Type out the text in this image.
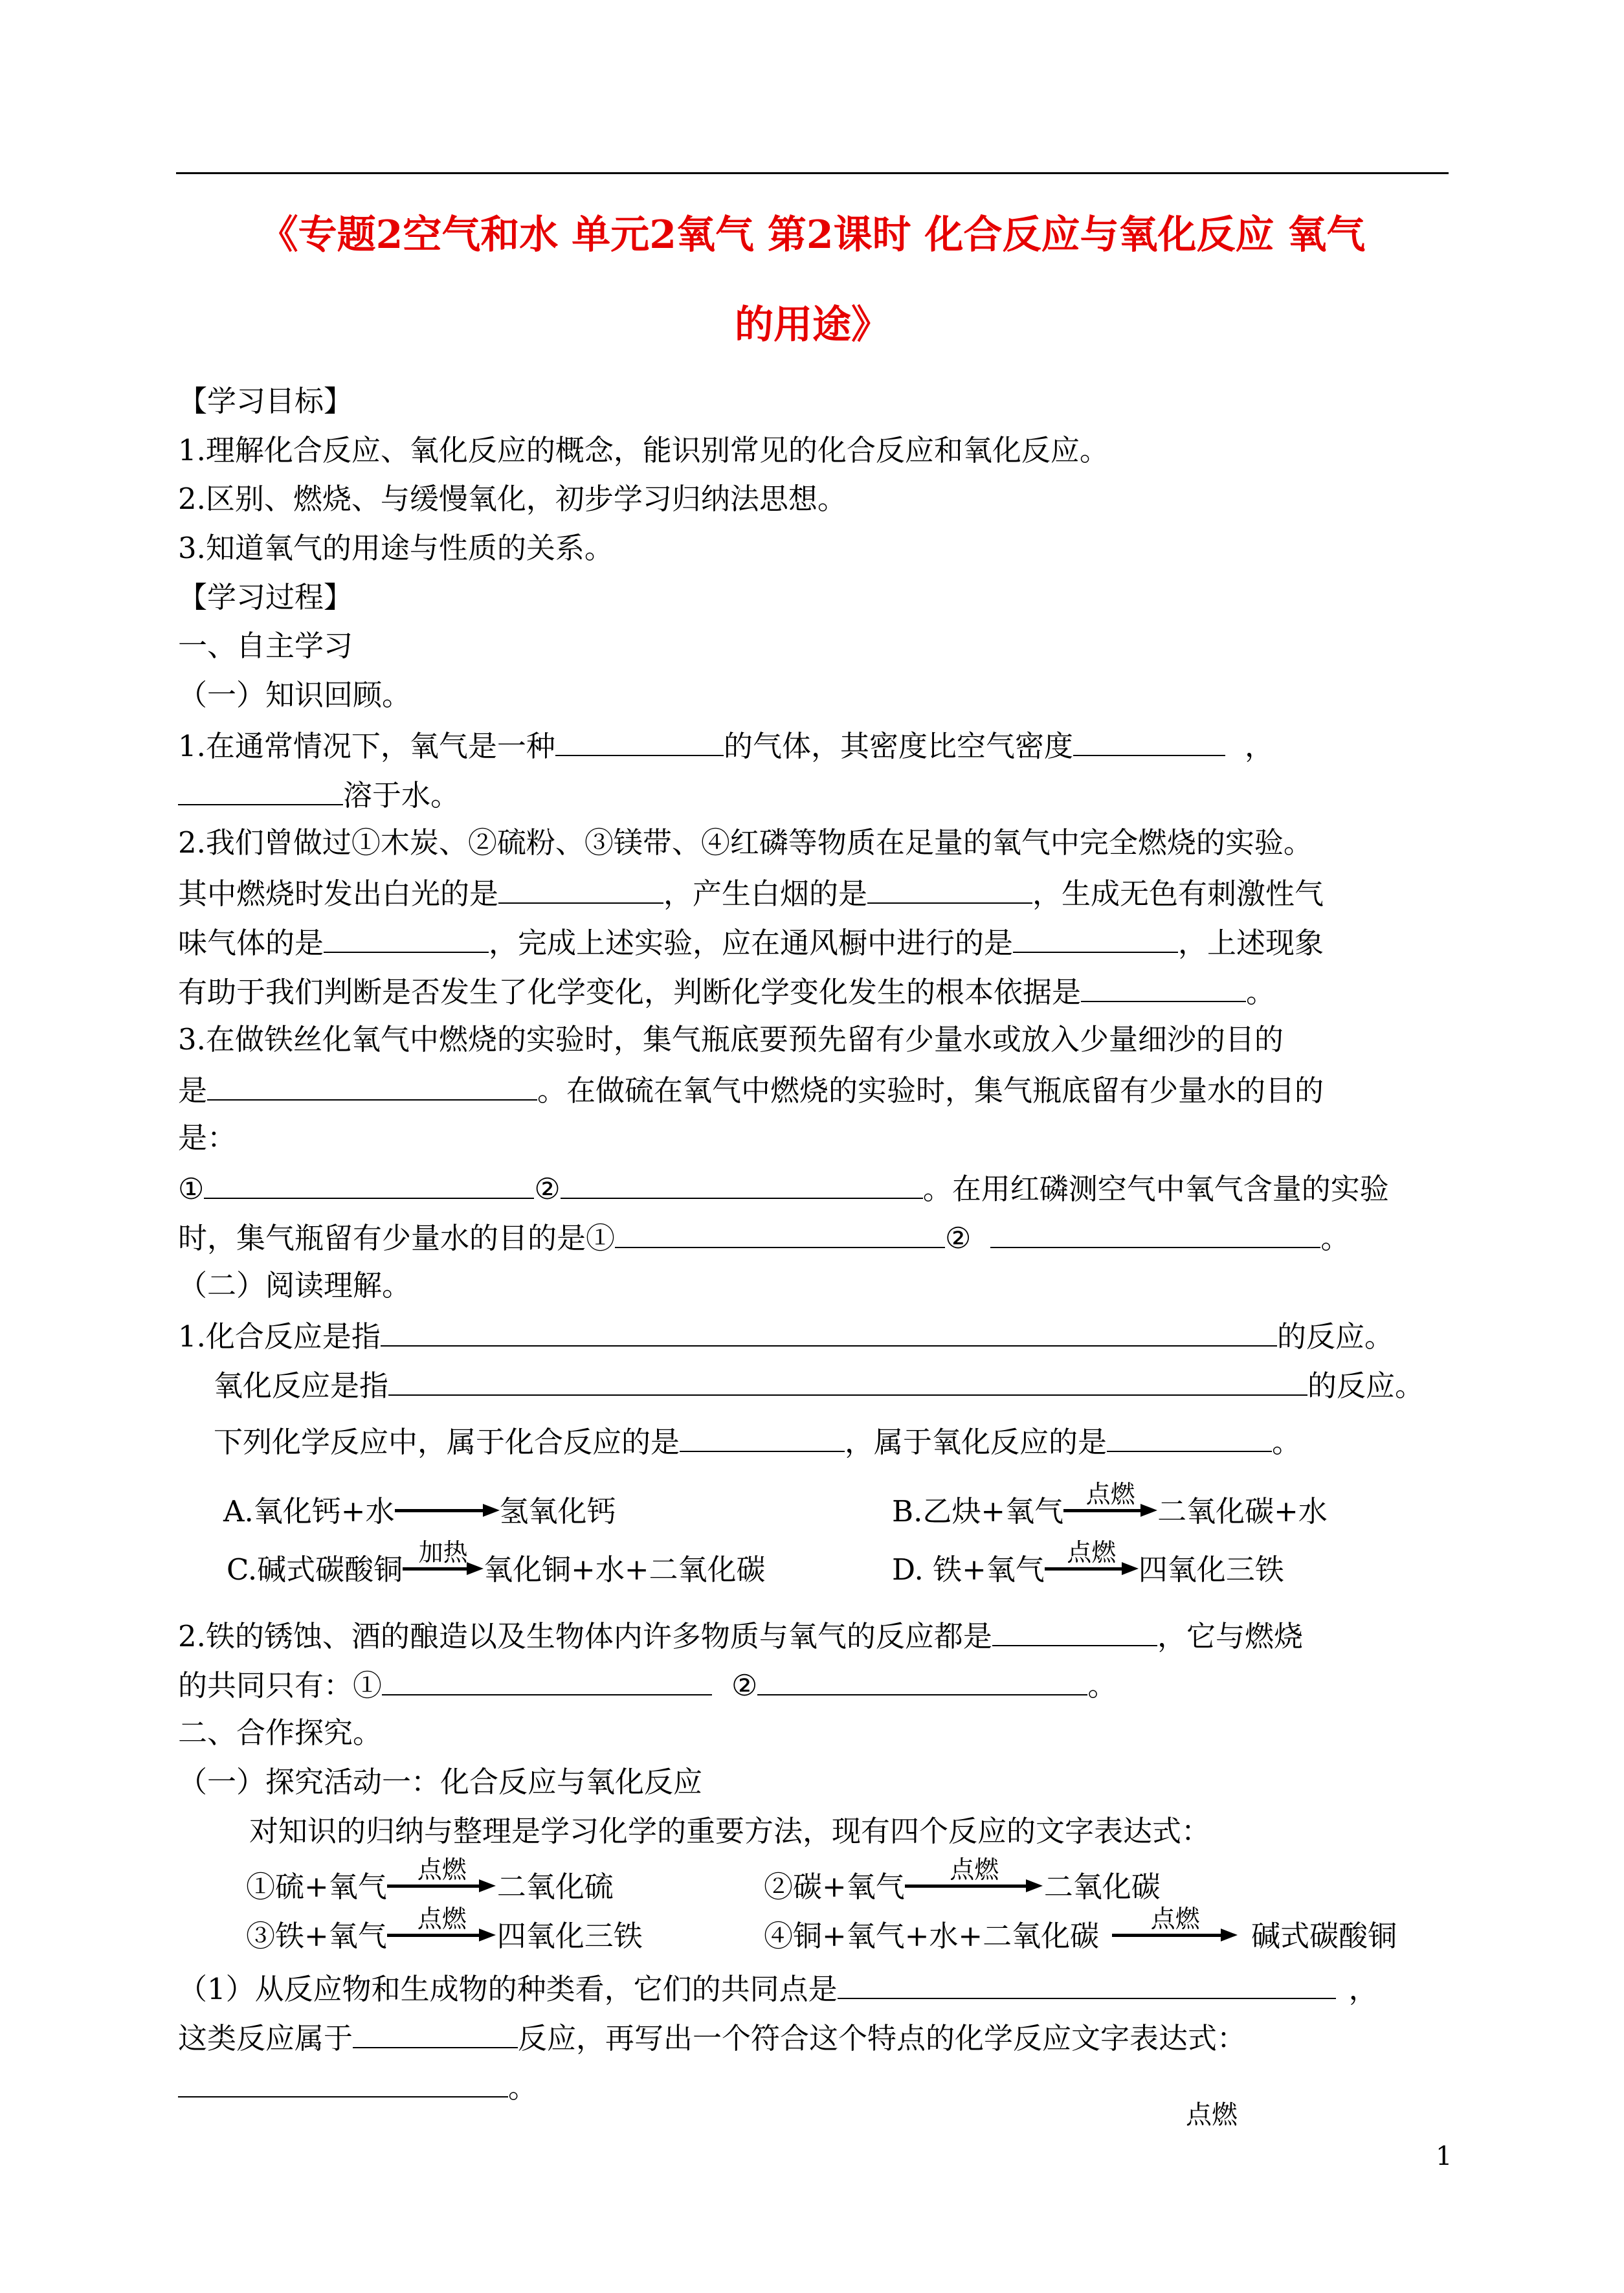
《专题2空气和水 单元2氧气 第2课时 化合反应与氧化反应 氧气
的用途》
【学习目标】
1.理解化合反应、氧化反应的概念，能识别常见的化合反应和氧化反应。
2.区别、燃烧、与缓慢氧化，初步学习归纳法思想。
3.知道氧气的用途与性质的关系。
【学习过程】
一、自主学习
（一）知识回顾。
1.在通常情况下，氧气是一种	的气体，其密度比空气密度	，
溶于水。
2.我们曾做过①木炭、②硫粉、③镁带、④红磷等物质在足量的氧气中完全燃烧的实验。
其中燃烧时发出白光的是	，产生白烟的是	，生成无色有刺激性气
味气体的是	，完成上述实验，应在通风橱中进行的是	，上述现象
有助于我们判断是否发生了化学变化，判断化学变化发生的根本依据是	。
3.在做铁丝化氧气中燃烧的实验时，集气瓶底要预先留有少量水或放入少量细沙的目的
是	。在做硫在氧气中燃烧的实验时，集气瓶底留有少量水的目的
是：
①	②	。在用红磷测空气中氧气含量的实验
时，集气瓶留有少量水的目的是①	②	。
（二）阅读理解。
1.化合反应是指	的反应。
氧化反应是指	的反应。
下列化学反应中，属于化合反应的是	，属于氧化反应的是	。
A.氧化钙+水	氢氧化钙	B.乙炔+氧气 点燃 二氧化碳+水
C.碱式碳酸铜 加热 氧化铜+水+二氧化碳	D. 铁+氧气 点燃 四氧化三铁
2.铁的锈蚀、酒的酿造以及生物体内许多物质与氧气的反应都是	，它与燃烧
的共同只有：①	②	。
二、合作探究。
（一）探究活动一：化合反应与氧化反应
对知识的归纳与整理是学习化学的重要方法，现有四个反应的文字表达式：
①硫+氧气	点燃	二氧化硫	②碳+氧气	点燃	二氧化碳
③铁+氧气	点燃	四氧化三铁	④铜+氧气+水+二氧化碳	点燃	碱式碳酸铜
（1）从反应物和生成物的种类看，它们的共同点是	，
这类反应属于	反应，再写出一个符合这个特点的化学反应文字表达式：
。
点燃
1
